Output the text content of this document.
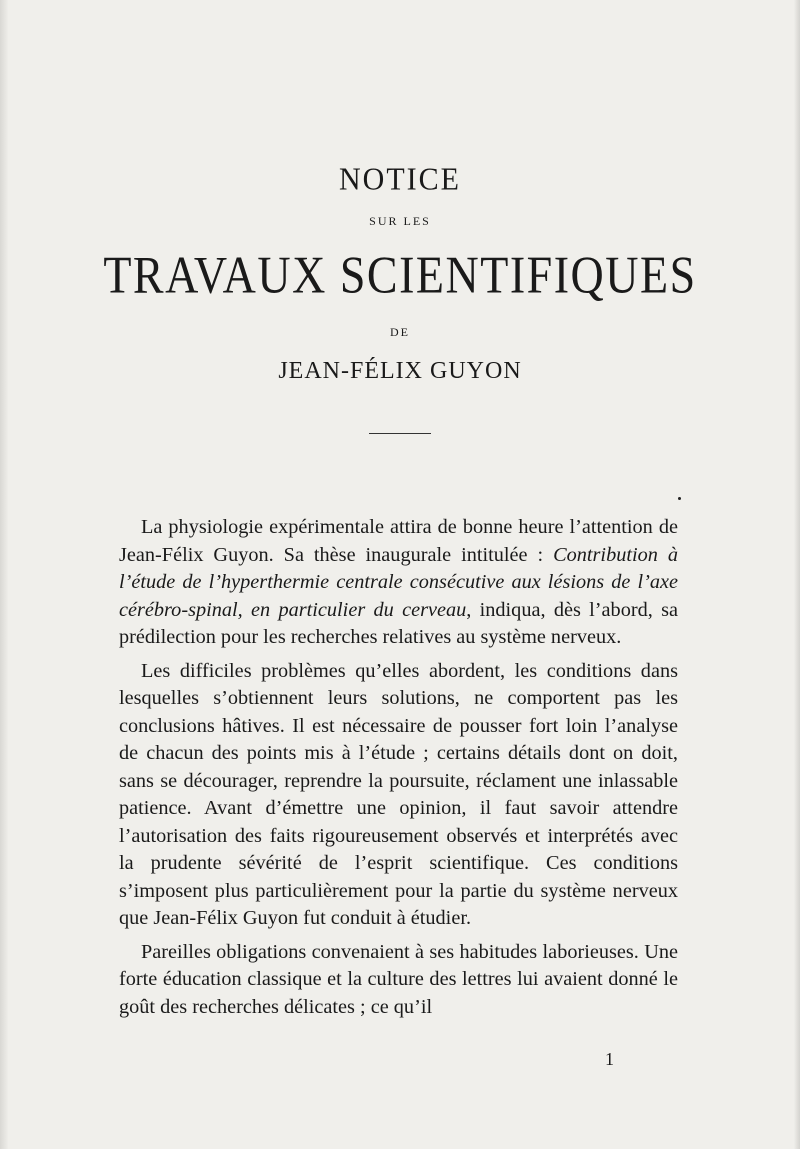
NOTICE
SUR LES
TRAVAUX SCIENTIFIQUES
DE
JEAN-FÉLIX GUYON

La physiologie expérimentale attira de bonne heure l’attention de Jean-Félix Guyon. Sa thèse inaugurale intitulée : Contribution à l’étude de l’hyperthermie centrale consécutive aux lésions de l’axe cérébro-spinal, en particulier du cerveau, indiqua, dès l’abord, sa prédilection pour les recherches relatives au système nerveux.

Les difficiles problèmes qu’elles abordent, les conditions dans lesquelles s’obtiennent leurs solutions, ne comportent pas les conclusions hâtives. Il est nécessaire de pousser fort loin l’analyse de chacun des points mis à l’étude ; certains détails dont on doit, sans se décourager, reprendre la poursuite, réclament une inlassable patience. Avant d’émettre une opinion, il faut savoir attendre l’autorisation des faits rigoureusement observés et interprétés avec la prudente sévérité de l’esprit scientifique. Ces conditions s’imposent plus particulièrement pour la partie du système nerveux que Jean-Félix Guyon fut conduit à étudier.

Pareilles obligations convenaient à ses habitudes laborieuses. Une forte éducation classique et la culture des lettres lui avaient donné le goût des recherches délicates ; ce qu’il

1
